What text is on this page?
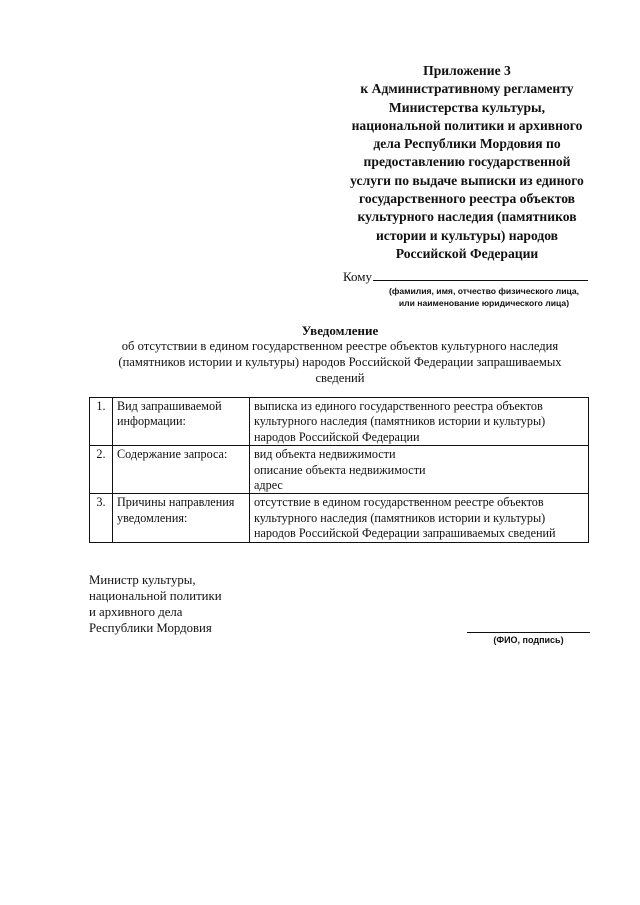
Приложение 3
к Административному регламенту
Министерства культуры,
национальной политики и архивного
дела Республики Мордовия по
предоставлению государственной
услуги по выдаче выписки из единого
государственного реестра объектов
культурного наследия (памятников
истории и культуры) народов
Российской Федерации
Кому
(фамилия, имя, отчество физического лица,
или наименование юридического лица)
Уведомление
об отсутствии в едином государственном реестре объектов культурного наследия
(памятников истории и культуры) народов Российской Федерации запрашиваемых
сведений
1.	Вид запрашиваемой
информации:	выписка из единого государственного реестра объектов
культурного наследия (памятников истории и культуры)
народов Российской Федерации

2.	Содержание запроса:	вид объекта недвижимости
описание объекта недвижимости
адрес

3.	Причины направления
уведомления:	отсутствие в едином государственном реестре объектов
культурного наследия (памятников истории и культуры)
народов Российской Федерации запрашиваемых сведений
Министр культуры,
национальной политики
и архивного дела
Республики Мордовия
(ФИО, подпись)
